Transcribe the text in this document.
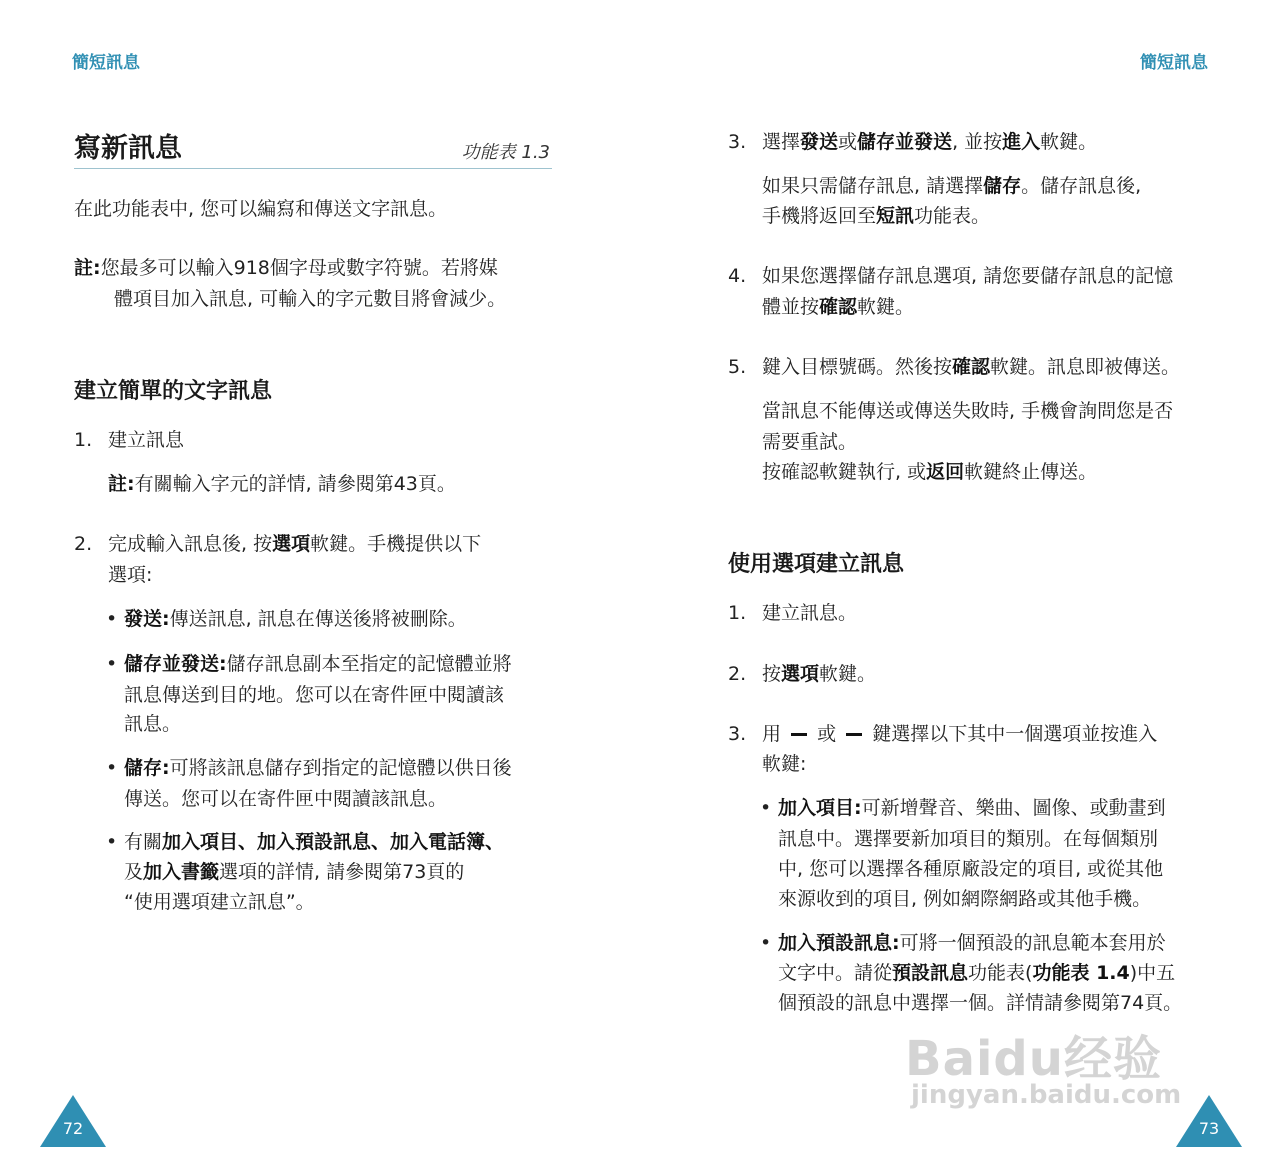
簡短訊息
寫新訊息	功能表 1.3
在此功能表中, 您可以編寫和傳送文字訊息。
註:您最多可以輸入918個字母或數字符號。若將媒
體項目加入訊息, 可輸入的字元數目將會減少。
建立簡單的文字訊息
1. 建立訊息
註:有關輸入字元的詳情, 請參閱第43頁。
2. 完成輸入訊息後, 按選項軟鍵。手機提供以下
選項:
• 發送:傳送訊息, 訊息在傳送後將被刪除。
• 儲存並發送:儲存訊息副本至指定的記憶體並將
訊息傳送到目的地。您可以在寄件匣中閱讀該
訊息。
• 儲存:可將該訊息儲存到指定的記憶體以供日後
傳送。您可以在寄件匣中閱讀該訊息。
• 有關加入項目、加入預設訊息、加入電話簿、
及加入書籤選項的詳情, 請參閱第73頁的
“使用選項建立訊息”。
72
簡短訊息
3. 選擇發送或儲存並發送, 並按進入軟鍵。
如果只需儲存訊息, 請選擇儲存。儲存訊息後,
手機將返回至短訊功能表。
4. 如果您選擇儲存訊息選項, 請您要儲存訊息的記憶
體並按確認軟鍵。
5. 鍵入目標號碼。然後按確認軟鍵。訊息即被傳送。
當訊息不能傳送或傳送失敗時, 手機會詢問您是否
需要重試。
按確認軟鍵執行, 或返回軟鍵終止傳送。
使用選項建立訊息
1. 建立訊息。
2. 按選項軟鍵。
3. 用 或 鍵選擇以下其中一個選項並按進入
軟鍵:
• 加入項目:可新增聲音、樂曲、圖像、或動畫到
訊息中。選擇要新加項目的類別。在每個類別
中, 您可以選擇各種原廠設定的項目, 或從其他
來源收到的項目, 例如網際網路或其他手機。
• 加入預設訊息:可將一個預設的訊息範本套用於
文字中。請從預設訊息功能表(功能表 1.4)中五
個預設的訊息中選擇一個。詳情請參閱第74頁。
73
Baidu经验
jingyan.baidu.com
